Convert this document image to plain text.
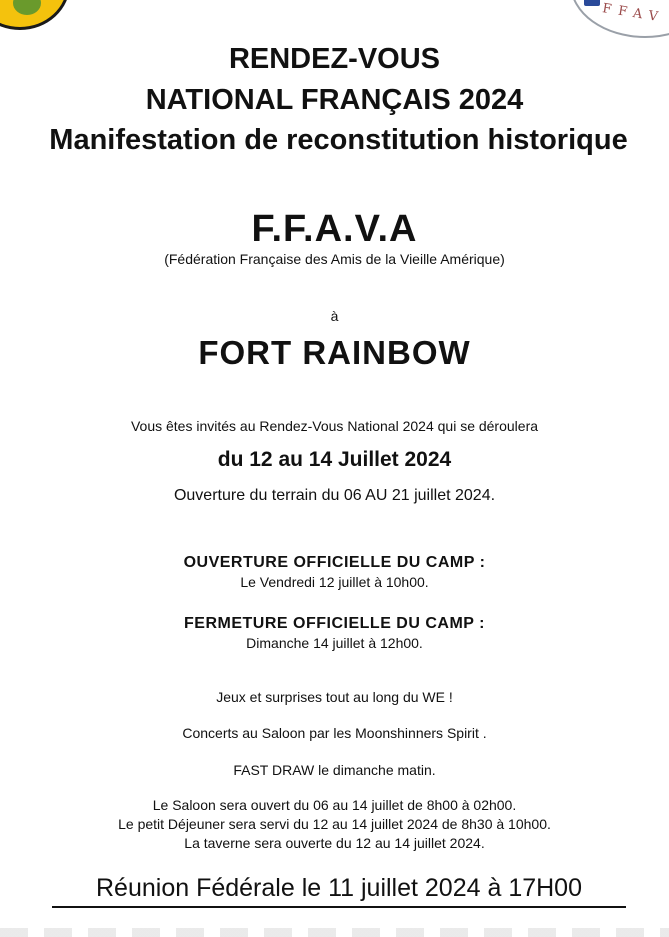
FFAV
RENDEZ-VOUS
NATIONAL FRANÇAIS 2024
Manifestation de reconstitution historique
F.F.A.V.A
(Fédération Française des Amis de la Vieille Amérique)
à
FORT RAINBOW
Vous êtes invités au Rendez-Vous National 2024 qui se déroulera
du 12 au 14 Juillet 2024
Ouverture du terrain du 06 AU 21 juillet 2024.
OUVERTURE OFFICIELLE DU CAMP :
Le Vendredi 12 juillet à 10h00.
FERMETURE OFFICIELLE DU CAMP :
Dimanche 14 juillet à 12h00.
Jeux et surprises tout au long du WE !
Concerts au Saloon par les Moonshinners Spirit .
FAST DRAW le dimanche matin.
Le Saloon sera ouvert du 06 au 14 juillet de 8h00 à 02h00.
Le petit Déjeuner sera servi du 12 au 14 juillet 2024 de 8h30 à 10h00.
La taverne sera ouverte du 12 au 14 juillet 2024.
Réunion Fédérale le 11 juillet 2024 à 17H00
